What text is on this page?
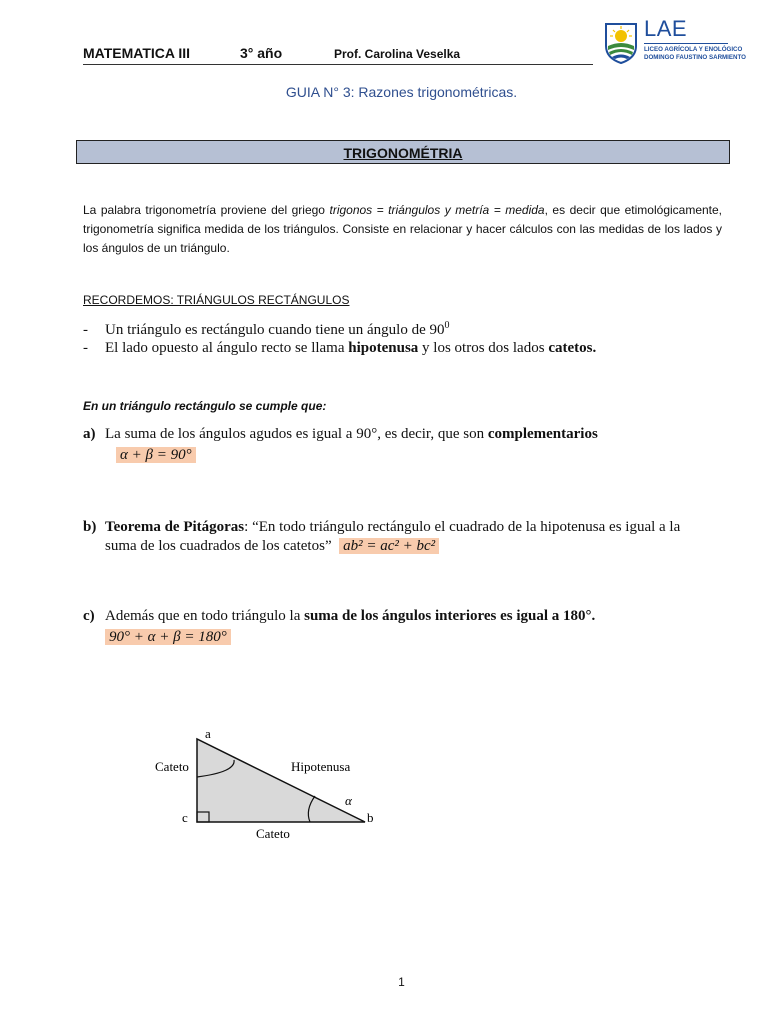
MATEMATICA III	3° año	Prof. Carolina Veselka
LAE
LICEO AGRÍCOLA Y ENOLÓGICO
DOMINGO FAUSTINO SARMIENTO
GUIA N° 3: Razones trigonométricas.
TRIGONOMÉTRIA
La palabra trigonometría proviene del griego trigonos = triángulos y metría = medida, es decir que etimológicamente, trigonometría significa medida de los triángulos. Consiste en relacionar y hacer cálculos con las medidas de los lados y los ángulos de un triángulo.
RECORDEMOS: TRIÁNGULOS RECTÁNGULOS
- Un triángulo es rectángulo cuando tiene un ángulo de $90^0$
- El lado opuesto al ángulo recto se llama hipotenusa y los otros dos lados catetos.
En un triángulo rectángulo se cumple que:
a) La suma de los ángulos agudos es igual a 90°, es decir, que son complementarios
α + β = 90°
b) Teorema de Pitágoras: “En todo triángulo rectángulo el cuadrado de la hipotenusa es igual a la
suma de los cuadrados de los catetos” ab² = ac² + bc²
c) Además que en todo triángulo la suma de los ángulos interiores es igual a 180°.
90° + α + β = 180°
a
b
c
Cateto
Cateto
Hipotenusa
α
1
